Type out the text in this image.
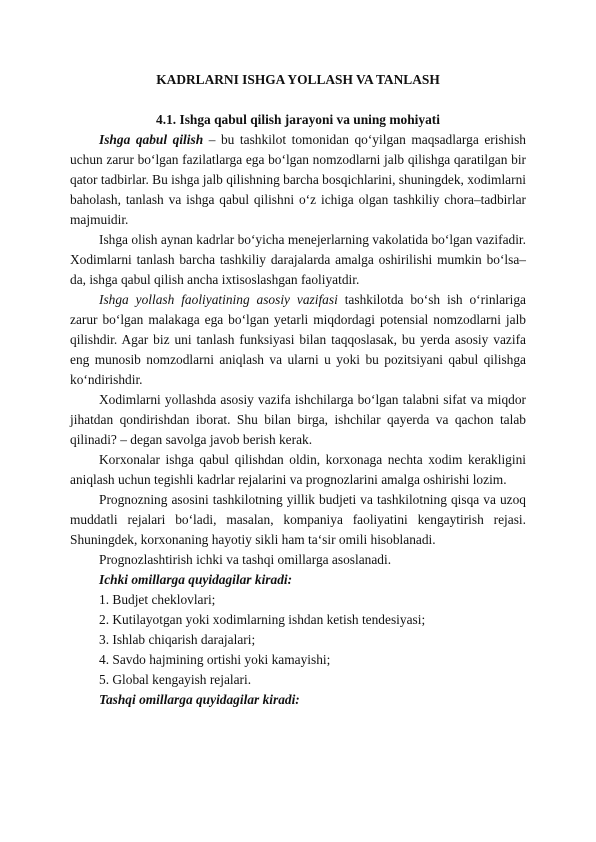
KADRLARNI ISHGA YOLLASH VA TANLASH
4.1. Ishga qabul qilish jarayoni va uning mohiyati

Ishga qabul qilish – bu tashkilot tomonidan qo‘yilgan maqsadlarga erishish uchun zarur bo‘lgan fazilatlarga ega bo‘lgan nomzodlarni jalb qilishga qaratilgan bir qator tadbirlar. Bu ishga jalb qilishning barcha bosqichlarini, shuningdek, xodimlarni baholash, tanlash va ishga qabul qilishni o‘z ichiga olgan tashkiliy chora–tadbirlar majmuidir.

Ishga olish aynan kadrlar bo‘yicha menejerlarning vakolatida bo‘lgan vazifadir. Xodimlarni tanlash barcha tashkiliy darajalarda amalga oshirilishi mumkin bo‘lsa–da, ishga qabul qilish ancha ixtisoslashgan faoliyatdir.

Ishga yollash faoliyatining asosiy vazifasi tashkilotda bo‘sh ish o‘rinlariga zarur bo‘lgan malakaga ega bo‘lgan yetarli miqdordagi potensial nomzodlarni jalb qilishdir. Agar biz uni tanlash funksiyasi bilan taqqoslasak, bu yerda asosiy vazifa eng munosib nomzodlarni aniqlash va ularni u yoki bu pozitsiyani qabul qilishga ko‘ndirishdir.

Xodimlarni yollashda asosiy vazifa ishchilarga bo‘lgan talabni sifat va miqdor jihatdan qondirishdan iborat. Shu bilan birga, ishchilar qayerda va qachon talab qilinadi? – degan savolga javob berish kerak.

Korxonalar ishga qabul qilishdan oldin, korxonaga nechta xodim kerakligini aniqlash uchun tegishli kadrlar rejalarini va prognozlarini amalga oshirishi lozim.

Prognozning asosini tashkilotning yillik budjeti va tashkilotning qisqa va uzoq muddatli rejalari bo‘ladi, masalan, kompaniya faoliyatini kengaytirish rejasi. Shuningdek, korxonaning hayotiy sikli ham ta‘sir omili hisoblanadi.

Prognozlashtirish ichki va tashqi omillarga asoslanadi.
Ichki omillarga quyidagilar kiradi:
1. Budjet cheklovlari;
2. Kutilayotgan yoki xodimlarning ishdan ketish tendesiyasi;
3. Ishlab chiqarish darajalari;
4. Savdo hajmining ortishi yoki kamayishi;
5. Global kengayish rejalari.
Tashqi omillarga quyidagilar kiradi:
